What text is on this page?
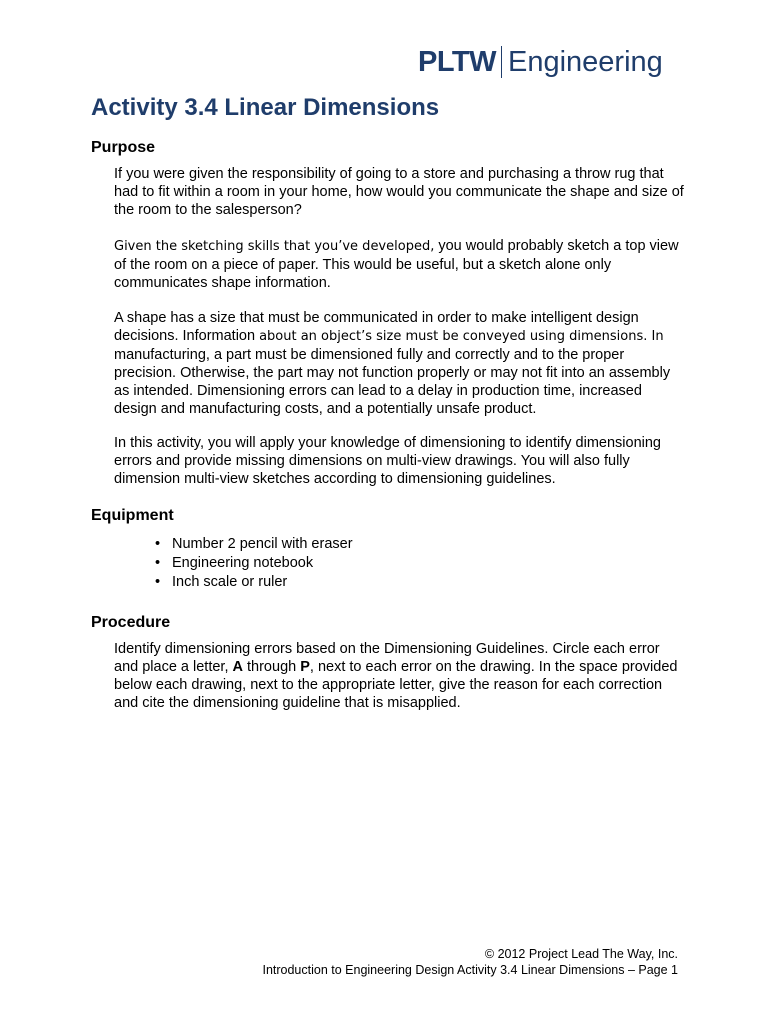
PLTW Engineering
Activity 3.4 Linear Dimensions
Purpose

If you were given the responsibility of going to a store and purchasing a throw rug that had to fit within a room in your home, how would you communicate the shape and size of the room to the salesperson?

Given the sketching skills that you’ve developed, you would probably sketch a top view of the room on a piece of paper. This would be useful, but a sketch alone only communicates shape information.

A shape has a size that must be communicated in order to make intelligent design decisions. Information about an object’s size must be conveyed using dimensions. In manufacturing, a part must be dimensioned fully and correctly and to the proper precision. Otherwise, the part may not function properly or may not fit into an assembly as intended. Dimensioning errors can lead to a delay in production time, increased design and manufacturing costs, and a potentially unsafe product.

In this activity, you will apply your knowledge of dimensioning to identify dimensioning errors and provide missing dimensions on multi-view drawings. You will also fully dimension multi-view sketches according to dimensioning guidelines.

Equipment
• Number 2 pencil with eraser
• Engineering notebook
• Inch scale or ruler
Procedure

Identify dimensioning errors based on the Dimensioning Guidelines. Circle each error and place a letter, A through P, next to each error on the drawing. In the space provided below each drawing, next to the appropriate letter, give the reason for each correction and cite the dimensioning guideline that is misapplied.

© 2012 Project Lead The Way, Inc.
Introduction to Engineering Design Activity 3.4 Linear Dimensions – Page 1
